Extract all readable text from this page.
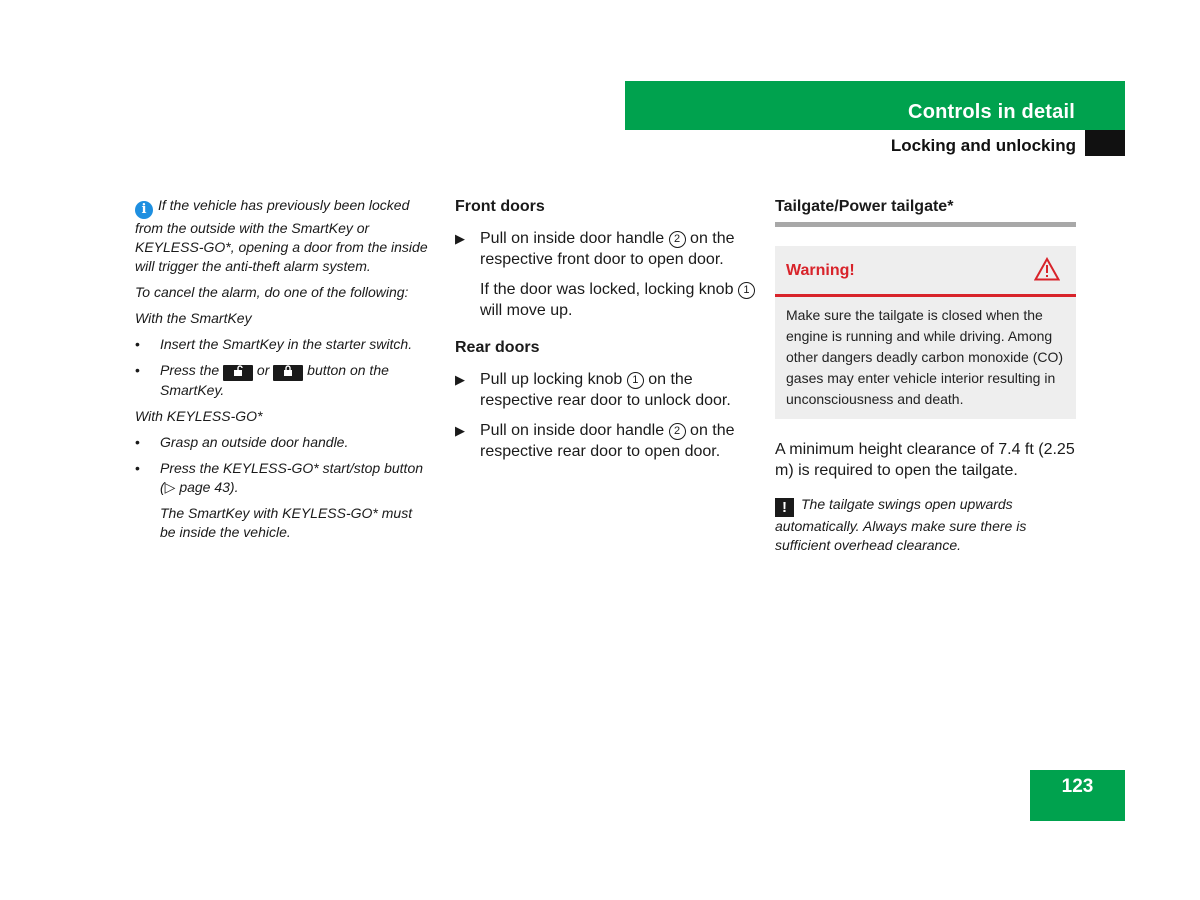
Controls in detail
Locking and unlocking

i If the vehicle has previously been locked from the outside with the SmartKey or KEYLESS-GO*, opening a door from the inside will trigger the anti-theft alarm system.

To cancel the alarm, do one of the following:

With the SmartKey

• Insert the SmartKey in the starter switch.
• Press the	or	button on the SmartKey.

With KEYLESS-GO*

• Grasp an outside door handle.
• Press the KEYLESS-GO* start/stop button (▷ page 43).

The SmartKey with KEYLESS-GO* must be inside the vehicle.

Front doors
▶ Pull on inside door handle 2 on the respective front door to open door.
If the door was locked, locking knob 1 will move up.
Rear doors
▶ Pull up locking knob 1 on the respective rear door to unlock door.
▶ Pull on inside door handle 2 on the respective rear door to open door.
Tailgate/Power tailgate*
Warning!
Make sure the tailgate is closed when the engine is running and while driving. Among other dangers deadly carbon monoxide (CO) gases may enter vehicle interior resulting in unconsciousness and death.

A minimum height clearance of 7.4 ft (2.25 m) is required to open the tailgate.

! The tailgate swings open upwards automatically. Always make sure there is sufficient overhead clearance.

123
